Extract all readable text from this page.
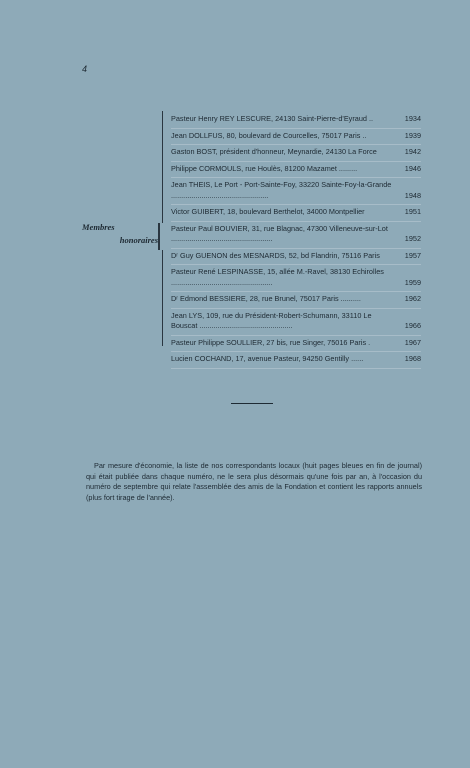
4
Membres
honoraires
Pasteur Henry REY LESCURE, 24130 Saint-Pierre-d'Eyraud ..	1934
Jean DOLLFUS, 80, boulevard de Courcelles, 75017 Paris ..	1939
Gaston BOST, président d'honneur, Meynardie, 24130 La Force	1942
Philippe CORMOULS, rue Houlès, 81200 Mazamet .........	1946
Jean THEIS, Le Port - Port-Sainte-Foy, 33220 Sainte-Foy-la-Grande ................................................	1948
Victor GUIBERT, 18, boulevard Berthelot, 34000 Montpellier	1951
Pasteur Paul BOUVIER, 31, rue Blagnac, 47300 Villeneuve-sur-Lot ..................................................	1952
Dʳ Guy GUENON des MESNARDS, 52, bd Flandrin, 75116 Paris	1957
Pasteur René LESPINASSE, 15, allée M.-Ravel, 38130 Echirolles ..................................................	1959
Dʳ Edmond BESSIERE, 28, rue Brunel, 75017 Paris ..........	1962
Jean LYS, 109, rue du Président-Robert-Schumann, 33110 Le Bouscat ..............................................	1966
Pasteur Philippe SOULLIER, 27 bis, rue Singer, 75016 Paris .	1967
Lucien COCHAND, 17, avenue Pasteur, 94250 Gentilly ......	1968

Par mesure d'économie, la liste de nos correspondants locaux (huit pages bleues en fin de journal) qui était publiée dans chaque numéro, ne le sera plus désormais qu'une fois par an, à l'occasion du numéro de septembre qui relate l'assemblée des amis de la Fondation et contient les rapports annuels (plus fort tirage de l'année).
